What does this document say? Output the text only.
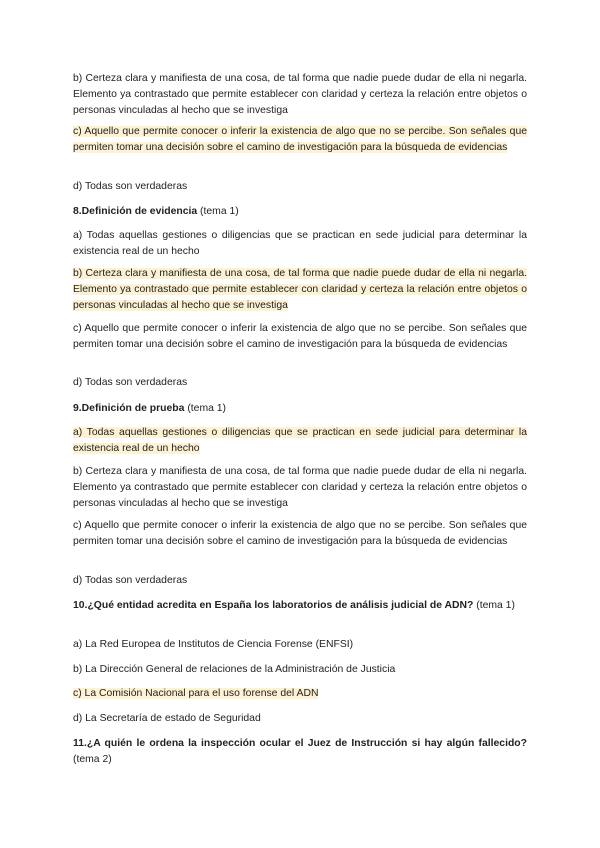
b) Certeza clara y manifiesta de una cosa, de tal forma que nadie puede dudar de ella ni negarla. Elemento ya contrastado que permite establecer con claridad y certeza la relación entre objetos o personas vinculadas al hecho que se investiga

c) Aquello que permite conocer o inferir la existencia de algo que no se percibe. Son señales que permiten tomar una decisión sobre el camino de investigación para la búsqueda de evidencias

d) Todas son verdaderas

8.Definición de evidencia (tema 1)

a) Todas aquellas gestiones o diligencias que se practican en sede judicial para determinar la existencia real de un hecho

b) Certeza clara y manifiesta de una cosa, de tal forma que nadie puede dudar de ella ni negarla. Elemento ya contrastado que permite establecer con claridad y certeza la relación entre objetos o personas vinculadas al hecho que se investiga

c) Aquello que permite conocer o inferir la existencia de algo que no se percibe. Son señales que permiten tomar una decisión sobre el camino de investigación para la búsqueda de evidencias

d) Todas son verdaderas

9.Definición de prueba (tema 1)

a) Todas aquellas gestiones o diligencias que se practican en sede judicial para determinar la existencia real de un hecho

b) Certeza clara y manifiesta de una cosa, de tal forma que nadie puede dudar de ella ni negarla. Elemento ya contrastado que permite establecer con claridad y certeza la relación entre objetos o personas vinculadas al hecho que se investiga

c) Aquello que permite conocer o inferir la existencia de algo que no se percibe. Son señales que permiten tomar una decisión sobre el camino de investigación para la búsqueda de evidencias

d) Todas son verdaderas

10.¿Qué entidad acredita en España los laboratorios de análisis judicial de ADN? (tema 1)

a) La Red Europea de Institutos de Ciencia Forense (ENFSI)

b) La Dirección General de relaciones de la Administración de Justicia

c) La Comisión Nacional para el uso forense del ADN

d) La Secretaría de estado de Seguridad

11.¿A quién le ordena la inspección ocular el Juez de Instrucción si hay algún fallecido? (tema 2)
